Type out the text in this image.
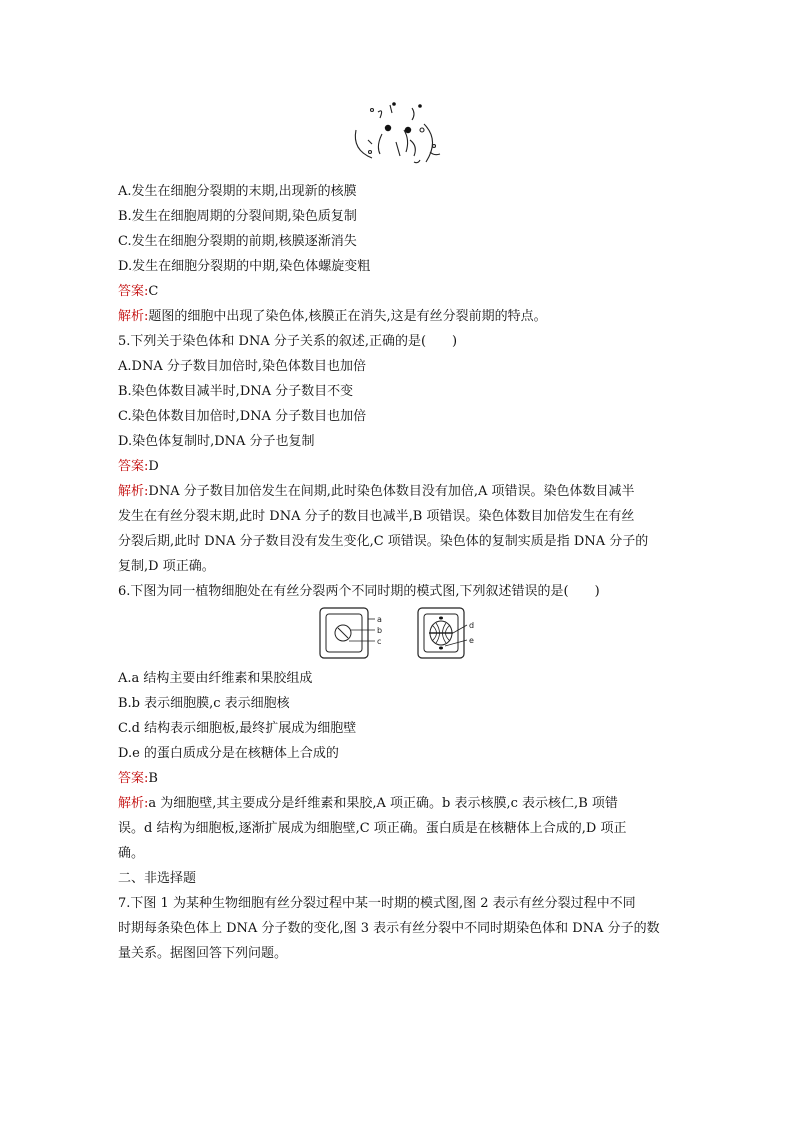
A.发生在细胞分裂期的末期,出现新的核膜
B.发生在细胞周期的分裂间期,染色质复制
C.发生在细胞分裂期的前期,核膜逐渐消失
D.发生在细胞分裂期的中期,染色体螺旋变粗
答案:C
解析:题图的细胞中出现了染色体,核膜正在消失,这是有丝分裂前期的特点。
5.下列关于染色体和 DNA 分子关系的叙述,正确的是(　　)
A.DNA 分子数目加倍时,染色体数目也加倍
B.染色体数目减半时,DNA 分子数目不变
C.染色体数目加倍时,DNA 分子数目也加倍
D.染色体复制时,DNA 分子也复制
答案:D
解析:DNA 分子数目加倍发生在间期,此时染色体数目没有加倍,A 项错误。染色体数目减半
发生在有丝分裂末期,此时 DNA 分子的数目也减半,B 项错误。染色体数目加倍发生在有丝
分裂后期,此时 DNA 分子数目没有发生变化,C 项错误。染色体的复制实质是指 DNA 分子的
复制,D 项正确。
6.下图为同一植物细胞处在有丝分裂两个不同时期的模式图,下列叙述错误的是(　　)
a
b
c
d
e
A.a 结构主要由纤维素和果胶组成
B.b 表示细胞膜,c 表示细胞核
C.d 结构表示细胞板,最终扩展成为细胞壁
D.e 的蛋白质成分是在核糖体上合成的
答案:B
解析:a 为细胞壁,其主要成分是纤维素和果胶,A 项正确。b 表示核膜,c 表示核仁,B 项错
误。d 结构为细胞板,逐渐扩展成为细胞壁,C 项正确。蛋白质是在核糖体上合成的,D 项正
确。
二、非选择题
7.下图 1 为某种生物细胞有丝分裂过程中某一时期的模式图,图 2 表示有丝分裂过程中不同
时期每条染色体上 DNA 分子数的变化,图 3 表示有丝分裂中不同时期染色体和 DNA 分子的数
量关系。据图回答下列问题。
